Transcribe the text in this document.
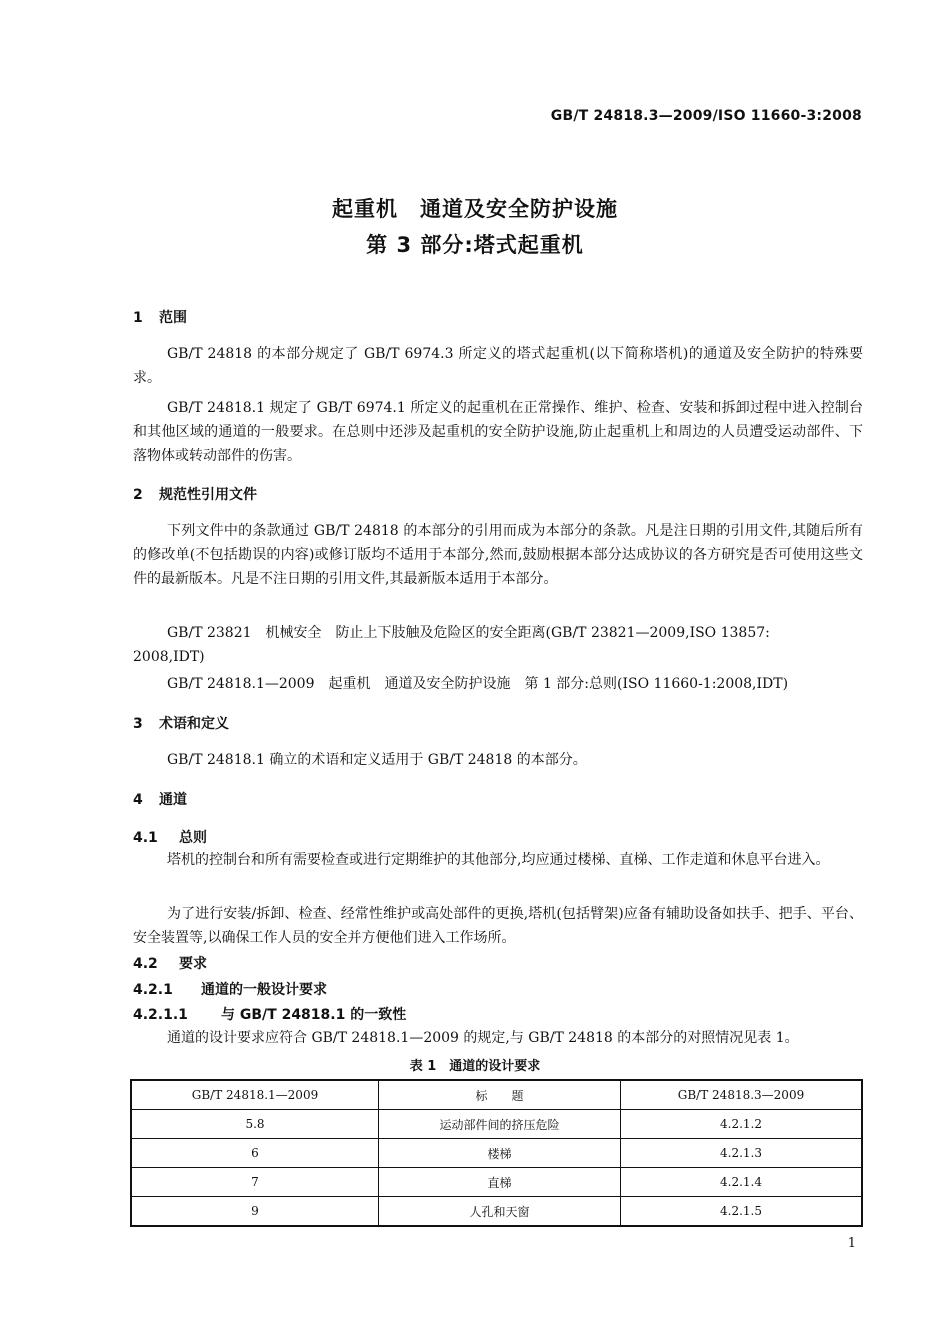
GB/T 24818.3—2009/ISO 11660-3:2008
起重机　通道及安全防护设施
第 3 部分:塔式起重机
1 范围
GB/T 24818 的本部分规定了 GB/T 6974.3 所定义的塔式起重机(以下简称塔机)的通道及安全防护的特殊要求。
GB/T 24818.1 规定了 GB/T 6974.1 所定义的起重机在正常操作、维护、检查、安装和拆卸过程中进入控制台和其他区域的通道的一般要求。在总则中还涉及起重机的安全防护设施,防止起重机上和周边的人员遭受运动部件、下落物体或转动部件的伤害。
2 规范性引用文件
下列文件中的条款通过 GB/T 24818 的本部分的引用而成为本部分的条款。凡是注日期的引用文件,其随后所有的修改单(不包括勘误的内容)或修订版均不适用于本部分,然而,鼓励根据本部分达成协议的各方研究是否可使用这些文件的最新版本。凡是不注日期的引用文件,其最新版本适用于本部分。
GB/T 23821　机械安全　防止上下肢触及危险区的安全距离(GB/T 23821—2009,ISO 13857:
2008,IDT)
GB/T 24818.1—2009　起重机　通道及安全防护设施　第 1 部分:总则(ISO 11660-1:2008,IDT)
3 术语和定义
GB/T 24818.1 确立的术语和定义适用于 GB/T 24818 的本部分。
4 通道
4.1 总则
塔机的控制台和所有需要检查或进行定期维护的其他部分,均应通过楼梯、直梯、工作走道和休息平台进入。
为了进行安装/拆卸、检查、经常性维护或高处部件的更换,塔机(包括臂架)应备有辅助设备如扶手、把手、平台、安全装置等,以确保工作人员的安全并方便他们进入工作场所。
4.2 要求
4.2.1 通道的一般设计要求
4.2.1.1 与 GB/T 24818.1 的一致性
通道的设计要求应符合 GB/T 24818.1—2009 的规定,与 GB/T 24818 的本部分的对照情况见表 1。
表 1　通道的设计要求
GB/T 24818.1—2009	标　　题	GB/T 24818.3—2009
5.8	运动部件间的挤压危险	4.2.1.2
6	楼梯	4.2.1.3
7	直梯	4.2.1.4
9	人孔和天窗	4.2.1.5
1
